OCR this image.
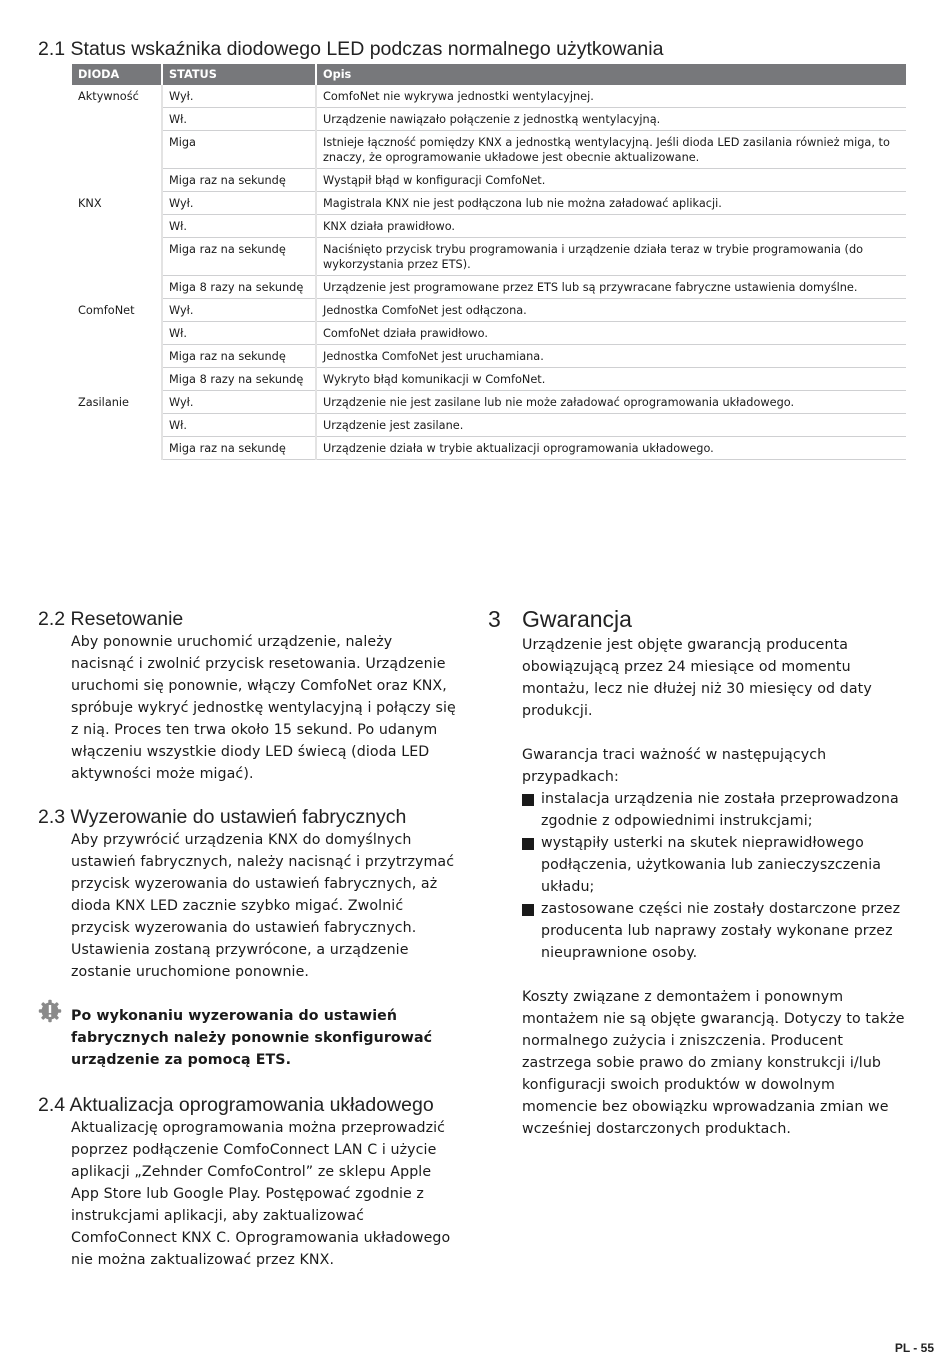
2.1 Status wskaźnika diodowego LED podczas normalnego użytkowania
DIODA	STATUS	Opis
Aktywność	Wył.	ComfoNet nie wykrywa jednostki wentylacyjnej.
	Wł.	Urządzenie nawiązało połączenie z jednostką wentylacyjną.
	Miga	Istnieje łączność pomiędzy KNX a jednostką wentylacyjną. Jeśli dioda LED zasilania również miga, to znaczy, że oprogramowanie układowe jest obecnie aktualizowane.
	Miga raz na sekundę	Wystąpił błąd w konfiguracji ComfoNet.
KNX	Wył.	Magistrala KNX nie jest podłączona lub nie można załadować aplikacji.
	Wł.	KNX działa prawidłowo.
	Miga raz na sekundę	Naciśnięto przycisk trybu programowania i urządzenie działa teraz w trybie programowania (do wykorzystania przez ETS).
	Miga 8 razy na sekundę	Urządzenie jest programowane przez ETS lub są przywracane fabryczne ustawienia domyślne.
ComfoNet	Wył.	Jednostka ComfoNet jest odłączona.
	Wł.	ComfoNet działa prawidłowo.
	Miga raz na sekundę	Jednostka ComfoNet jest uruchamiana.
	Miga 8 razy na sekundę	Wykryto błąd komunikacji w ComfoNet.
Zasilanie	Wył.	Urządzenie nie jest zasilane lub nie może załadować oprogramowania układowego.
	Wł.	Urządzenie jest zasilane.
	Miga raz na sekundę	Urządzenie działa w trybie aktualizacji oprogramowania układowego.
2.2 Resetowanie

Aby ponownie uruchomić urządzenie, należy nacisnąć i zwolnić przycisk resetowania. Urządzenie uruchomi się ponownie, włączy ComfoNet oraz KNX, spróbuje wykryć jednostkę wentylacyjną i połączy się z nią. Proces ten trwa około 15 sekund. Po udanym włączeniu wszystkie diody LED świecą (dioda LED aktywności może migać).

2.3 Wyzerowanie do ustawień fabrycznych

Aby przywrócić urządzenia KNX do domyślnych ustawień fabrycznych, należy nacisnąć i przytrzymać przycisk wyzerowania do ustawień fabrycznych, aż dioda KNX LED zacznie szybko migać. Zwolnić przycisk wyzerowania do ustawień fabrycznych. Ustawienia zostaną przywrócone, a urządzenie zostanie uruchomione ponownie.

Po wykonaniu wyzerowania do ustawień fabrycznych należy ponownie skonfigurować urządzenie za pomocą ETS.

2.4 Aktualizacja oprogramowania układowego

Aktualizację oprogramowania można przeprowadzić poprzez podłączenie ComfoConnect LAN C i użycie aplikacji „Zehnder ComfoControl” ze sklepu Apple App Store lub Google Play. Postępować zgodnie z instrukcjami aplikacji, aby zaktualizować ComfoConnect KNX C. Oprogramowania układowego nie można zaktualizować przez KNX.

3 Gwarancja

Urządzenie jest objęte gwarancją producenta obowiązującą przez 24 miesiące od momentu montażu, lecz nie dłużej niż 30 miesięcy od daty produkcji.

Gwarancja traci ważność w następujących przypadkach:

instalacja urządzenia nie została przeprowadzona zgodnie z odpowiednimi instrukcjami;
wystąpiły usterki na skutek nieprawidłowego podłączenia, użytkowania lub zanieczyszczenia układu;
zastosowane części nie zostały dostarczone przez producenta lub naprawy zostały wykonane przez nieuprawnione osoby.

Koszty związane z demontażem i ponownym montażem nie są objęte gwarancją. Dotyczy to także normalnego zużycia i zniszczenia. Producent zastrzega sobie prawo do zmiany konstrukcji i/lub konfiguracji swoich produktów w dowolnym momencie bez obowiązku wprowadzania zmian we wcześniej dostarczonych produktach.

PL - 55
